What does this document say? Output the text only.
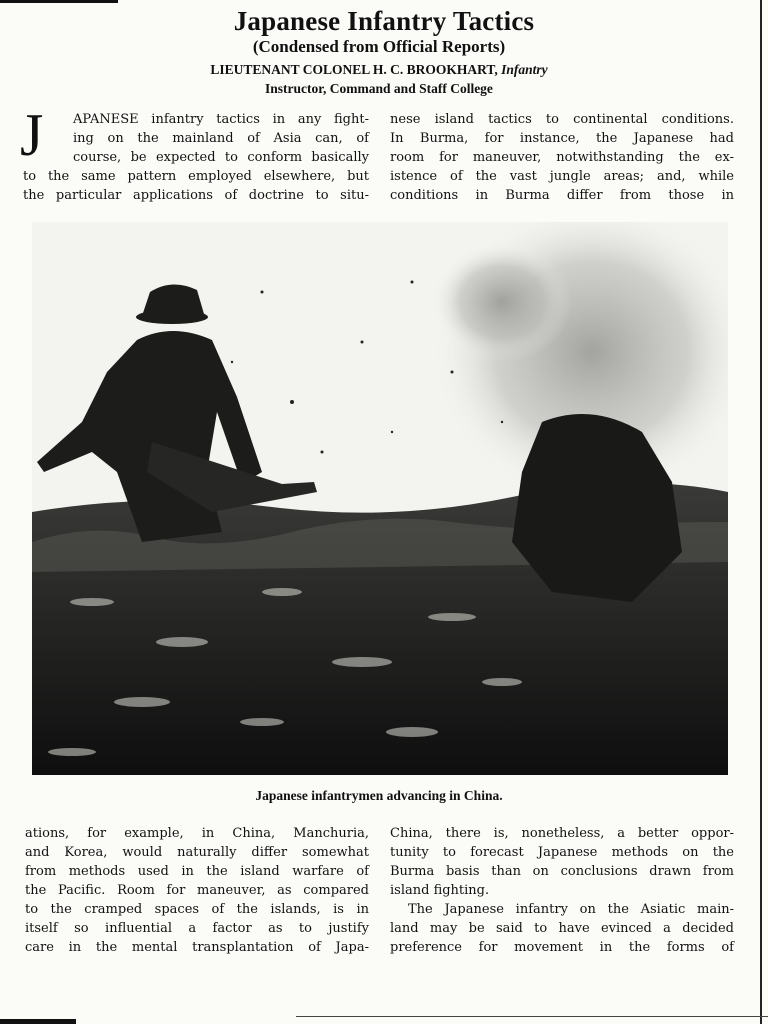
Japanese Infantry Tactics
(Condensed from Official Reports)
LIEUTENANT COLONEL H. C. BROOKHART, Infantry
Instructor, Command and Staff College
J	APANESE infantry tactics in any fight-
ing on the mainland of Asia can, of
course, be expected to conform basically
to the same pattern employed elsewhere, but
the particular applications of doctrine to situ-
nese island tactics to continental conditions.
In Burma, for instance, the Japanese had
room for maneuver, notwithstanding the ex-
istence of the vast jungle areas; and, while
conditions in Burma differ from those in
Japanese infantrymen advancing in China.
ations, for example, in China, Manchuria,
and Korea, would naturally differ somewhat
from methods used in the island warfare of
the Pacific. Room for maneuver, as compared
to the cramped spaces of the islands, is in
itself so influential a factor as to justify
care in the mental transplantation of Japa-
China, there is, nonetheless, a better oppor-
tunity to forecast Japanese methods on the
Burma basis than on conclusions drawn from
island fighting.
The Japanese infantry on the Asiatic main-
land may be said to have evinced a decided
preference for movement in the forms of
